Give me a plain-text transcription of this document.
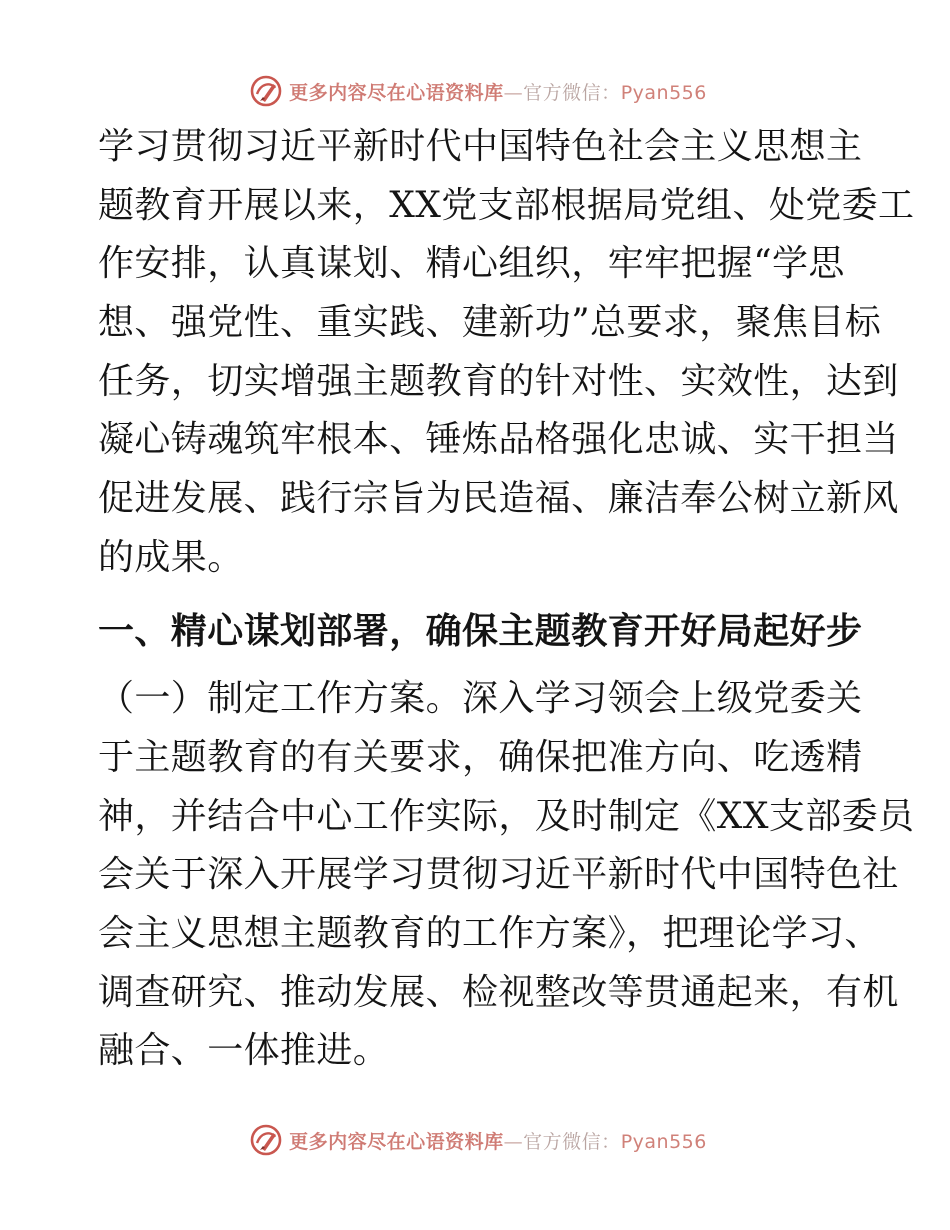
更多内容尽在心语资料库—官方微信：Pyan556

学习贯彻习近平新时代中国特色社会主义思想主
题教育开展以来，XX党支部根据局党组、处党委工
作安排，认真谋划、精心组织，牢牢把握“学思
想、强党性、重实践、建新功”总要求，聚焦目标
任务，切实增强主题教育的针对性、实效性，达到
凝心铸魂筑牢根本、锤炼品格强化忠诚、实干担当
促进发展、践行宗旨为民造福、廉洁奉公树立新风
的成果。

一、精心谋划部署，确保主题教育开好局起好步

（一）制定工作方案。深入学习领会上级党委关
于主题教育的有关要求，确保把准方向、吃透精
神，并结合中心工作实际，及时制定《XX支部委员
会关于深入开展学习贯彻习近平新时代中国特色社
会主义思想主题教育的工作方案》，把理论学习、
调查研究、推动发展、检视整改等贯通起来，有机
融合、一体推进。

更多内容尽在心语资料库—官方微信：Pyan556
